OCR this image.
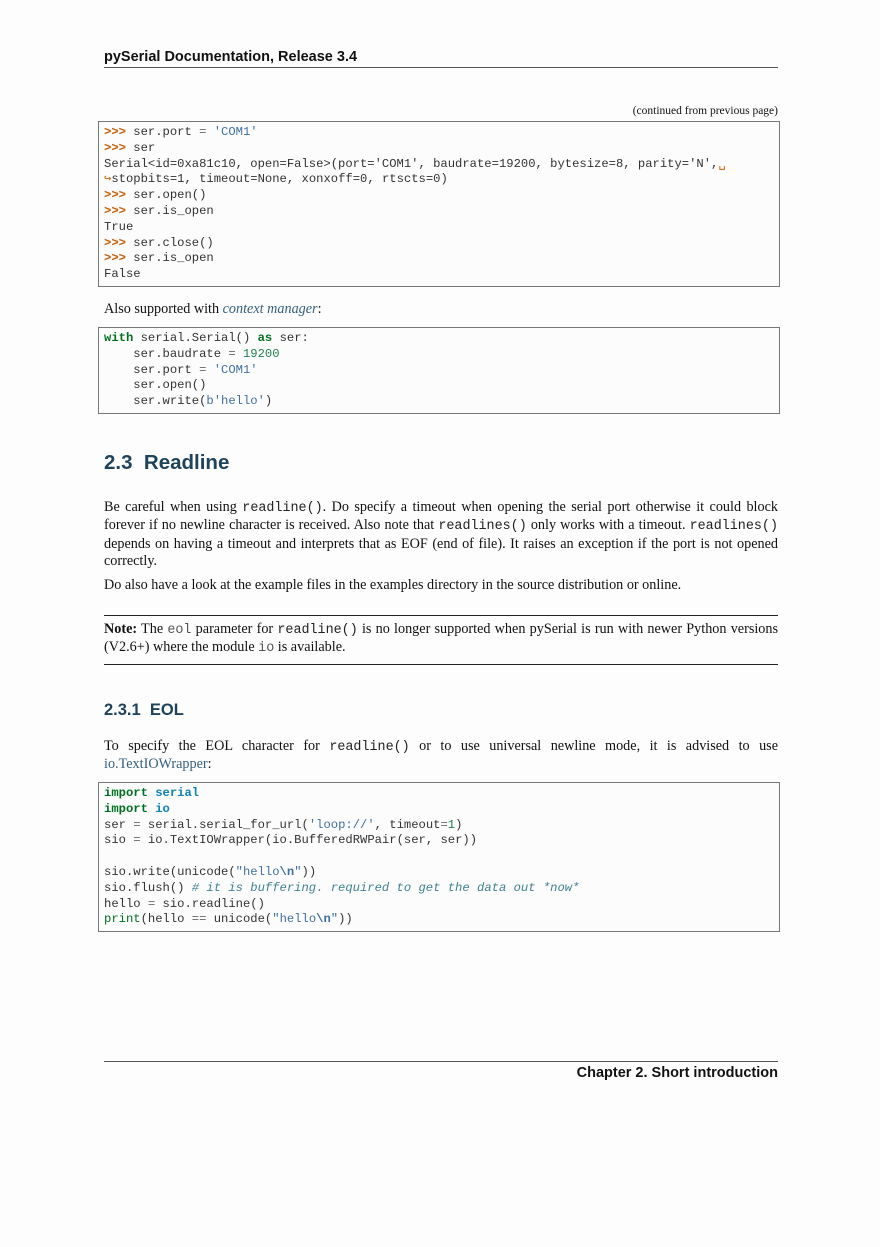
pySerial Documentation, Release 3.4
(continued from previous page)
>>> ser.port = 'COM1'
>>> ser
Serial<id=0xa81c10, open=False>(port='COM1', baudrate=19200, bytesize=8, parity='N',␣
↪stopbits=1, timeout=None, xonxoff=0, rtscts=0)
>>> ser.open()
>>> ser.is_open
True
>>> ser.close()
>>> ser.is_open
False
Also supported with context manager:
with serial.Serial() as ser:
ser.baudrate = 19200
ser.port = 'COM1'
ser.open()
ser.write(b'hello')
2.3 Readline
Be careful when using readline(). Do specify a timeout when opening the serial port otherwise it could block forever if no newline character is received. Also note that readlines() only works with a timeout. readlines() depends on having a timeout and interprets that as EOF (end of file). It raises an exception if the port is not opened correctly.
Do also have a look at the example files in the examples directory in the source distribution or online.
Note: The eol parameter for readline() is no longer supported when pySerial is run with newer Python versions (V2.6+) where the module io is available.
2.3.1 EOL
To specify the EOL character for readline() or to use universal newline mode, it is advised to use io.TextIOWrapper:
import serial
import io
ser = serial.serial_for_url('loop://', timeout=1)
sio = io.TextIOWrapper(io.BufferedRWPair(ser, ser))

sio.write(unicode("hello\n"))
sio.flush() # it is buffering. required to get the data out *now*
hello = sio.readline()
print(hello == unicode("hello\n"))
Chapter 2. Short introduction
